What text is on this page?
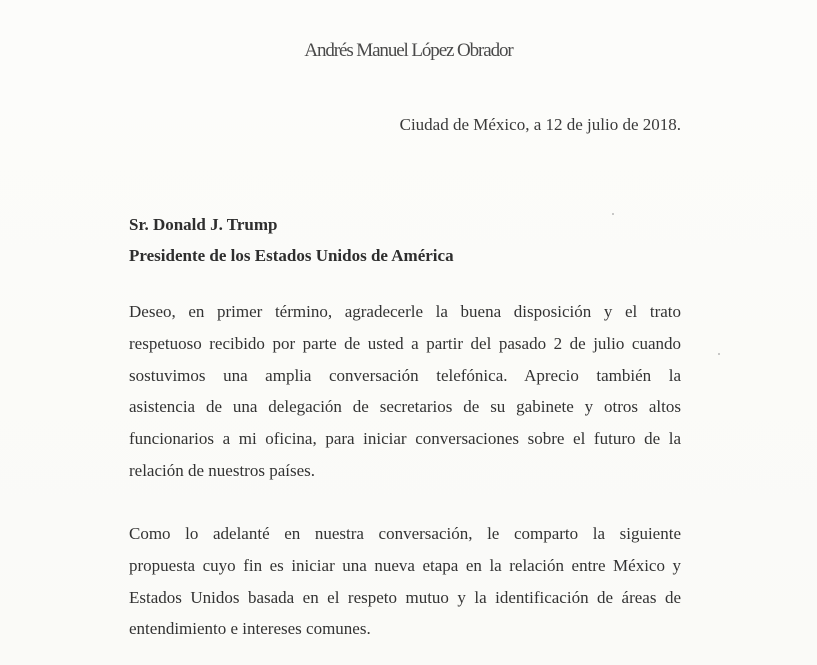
Andrés Manuel López Obrador
Ciudad de México, a 12 de julio de 2018.
Sr. Donald J. Trump
Presidente de los Estados Unidos de América
Deseo, en primer término, agradecerle la buena disposición y el trato
respetuoso recibido por parte de usted a partir del pasado 2 de julio cuando
sostuvimos una amplia conversación telefónica. Aprecio también la
asistencia de una delegación de secretarios de su gabinete y otros altos
funcionarios a mi oficina, para iniciar conversaciones sobre el futuro de la
relación de nuestros países.
Como lo adelanté en nuestra conversación, le comparto la siguiente
propuesta cuyo fin es iniciar una nueva etapa en la relación entre México y
Estados Unidos basada en el respeto mutuo y la identificación de áreas de
entendimiento e intereses comunes.
